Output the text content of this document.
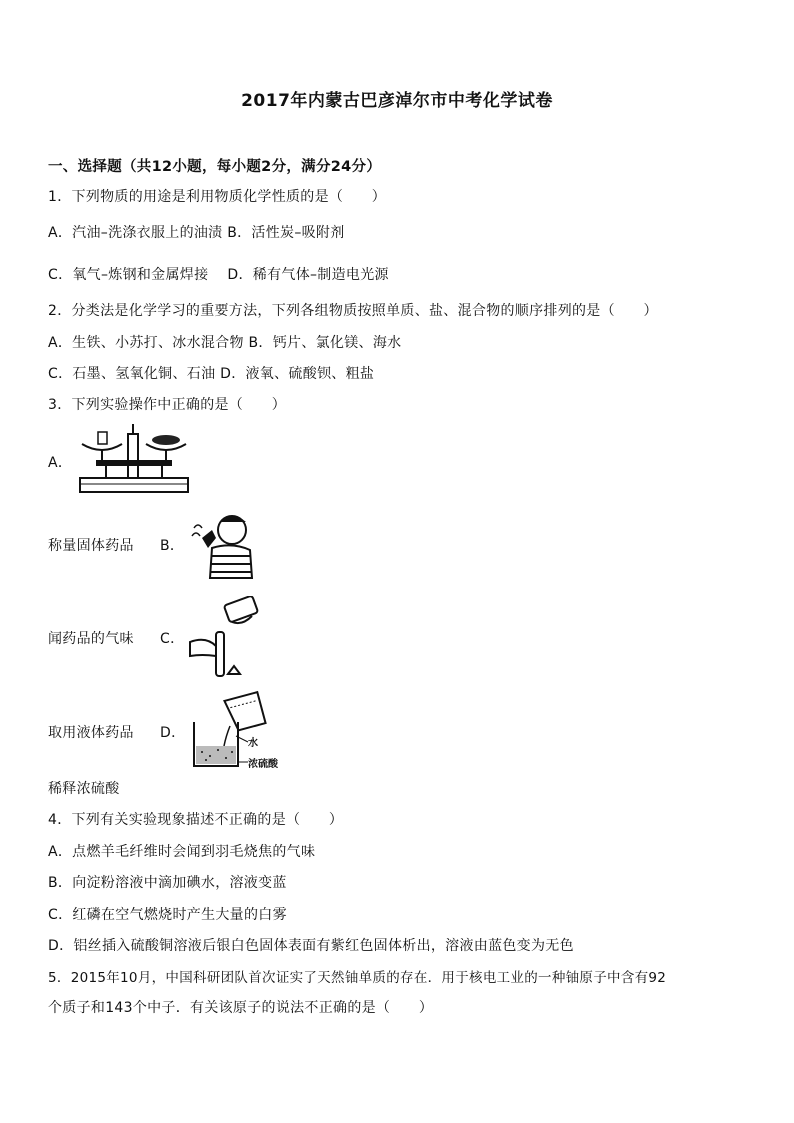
2017年内蒙古巴彦淖尔市中考化学试卷
一、选择题（共12小题，每小题2分，满分24分）
1．下列物质的用途是利用物质化学性质的是（　　）
A．汽油–洗涤衣服上的油渍 B．活性炭–吸附剂
C．氧气–炼钢和金属焊接　 D．稀有气体–制造电光源
2．分类法是化学学习的重要方法，下列各组物质按照单质、盐、混合物的顺序排列的是（　　）
A．生铁、小苏打、冰水混合物 B．钙片、氯化镁、海水
C．石墨、氢氧化铜、石油 D．液氧、硫酸钡、粗盐
3．下列实验操作中正确的是（　　）
A．
称量固体药品 B．
闻药品的气味 C．
取用液体药品 D．
水
浓硫酸
稀释浓硫酸
4．下列有关实验现象描述不正确的是（　　）
A．点燃羊毛纤维时会闻到羽毛烧焦的气味
B．向淀粉溶液中滴加碘水，溶液变蓝
C．红磷在空气燃烧时产生大量的白雾
D．铝丝插入硫酸铜溶液后银白色固体表面有紫红色固体析出，溶液由蓝色变为无色
5．2015年10月，中国科研团队首次证实了天然铀单质的存在．用于核电工业的一种铀原子中含有92
个质子和143个中子．有关该原子的说法不正确的是（　　）
